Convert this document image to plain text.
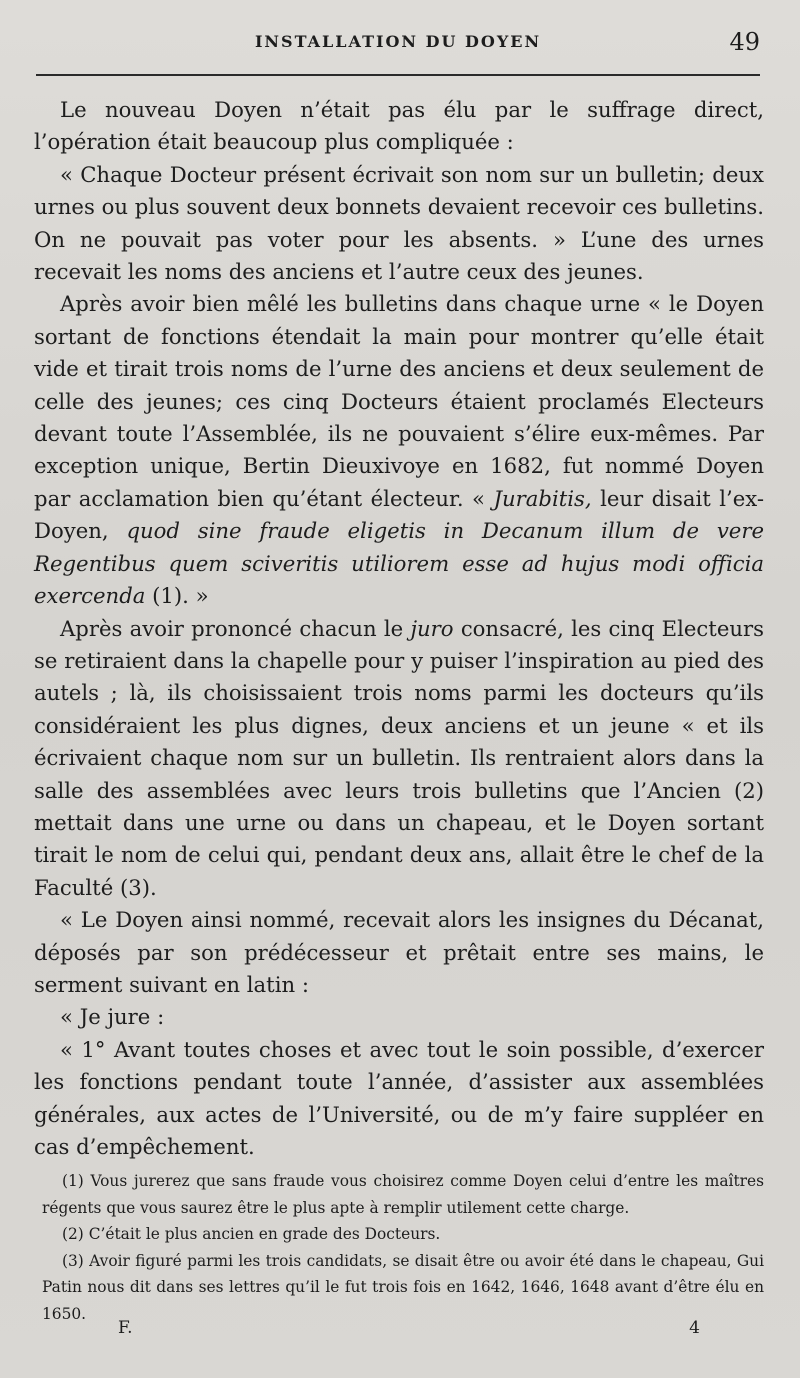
INSTALLATION DU DOYEN	49

Le nouveau Doyen n’était pas élu par le suffrage direct, l’opération était beaucoup plus compliquée :

« Chaque Docteur présent écrivait son nom sur un bulletin; deux urnes ou plus souvent deux bonnets devaient recevoir ces bulletins. On ne pouvait pas voter pour les absents. » L’une des urnes recevait les noms des anciens et l’autre ceux des jeunes.

Après avoir bien mêlé les bulletins dans chaque urne « le Doyen sortant de fonctions étendait la main pour montrer qu’elle était vide et tirait trois noms de l’urne des anciens et deux seulement de celle des jeunes; ces cinq Docteurs étaient proclamés Electeurs devant toute l’Assemblée, ils ne pouvaient s’élire eux-mêmes. Par exception unique, Bertin Dieuxivoye en 1682, fut nommé Doyen par acclamation bien qu’étant électeur. « Jurabitis, leur disait l’ex-Doyen, quod sine fraude eligetis in Decanum illum de vere Regentibus quem sciveritis utiliorem esse ad hujus modi officia exercenda (1). »

Après avoir prononcé chacun le juro consacré, les cinq Electeurs se retiraient dans la chapelle pour y puiser l’inspiration au pied des autels ; là, ils choisissaient trois noms parmi les docteurs qu’ils considéraient les plus dignes, deux anciens et un jeune « et ils écrivaient chaque nom sur un bulletin. Ils rentraient alors dans la salle des assemblées avec leurs trois bulletins que l’Ancien (2) mettait dans une urne ou dans un chapeau, et le Doyen sortant tirait le nom de celui qui, pendant deux ans, allait être le chef de la Faculté (3).

« Le Doyen ainsi nommé, recevait alors les insignes du Décanat, déposés par son prédécesseur et prêtait entre ses mains, le serment suivant en latin :

« Je jure :

« 1° Avant toutes choses et avec tout le soin possible, d’exercer les fonctions pendant toute l’année, d’assister aux assemblées générales, aux actes de l’Université, ou de m’y faire suppléer en cas d’empêchement.

(1) Vous jurerez que sans fraude vous choisirez comme Doyen celui d’entre les maîtres régents que vous saurez être le plus apte à remplir utilement cette charge.

(2) C’était le plus ancien en grade des Docteurs.

(3) Avoir figuré parmi les trois candidats, se disait être ou avoir été dans le chapeau, Gui Patin nous dit dans ses lettres qu’il le fut trois fois en 1642, 1646, 1648 avant d’être élu en 1650.

F.	4
